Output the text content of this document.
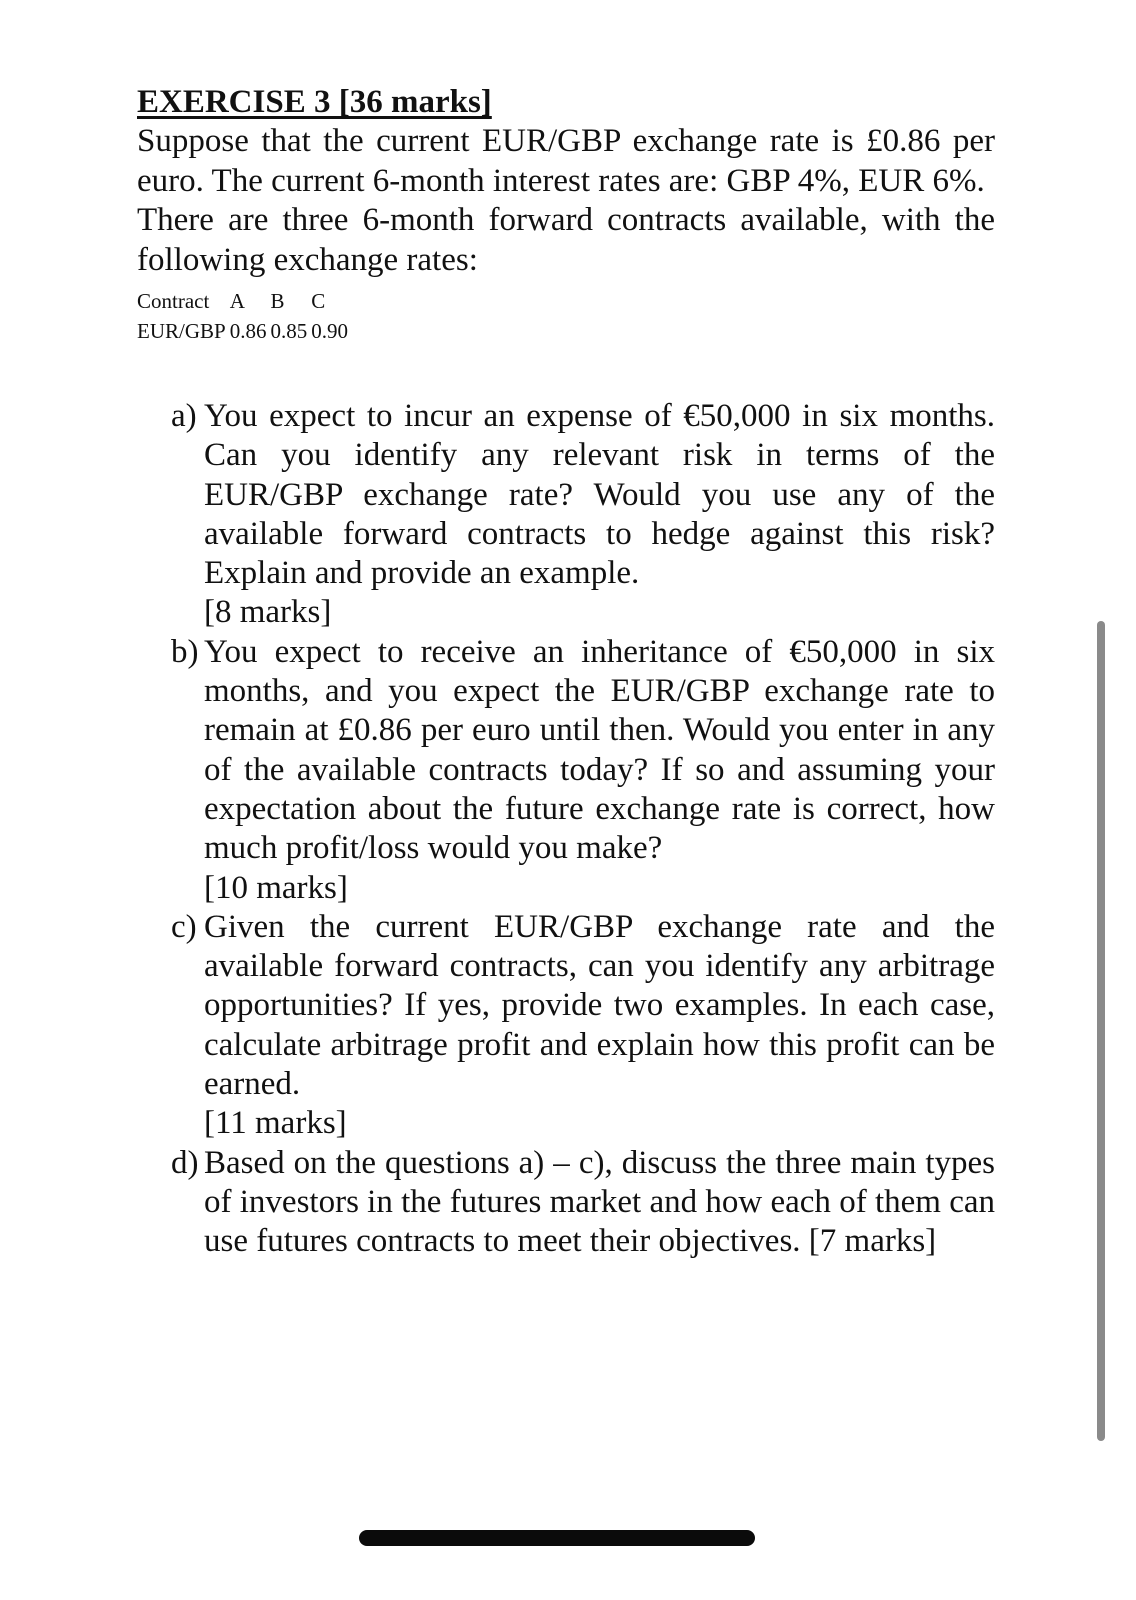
EXERCISE 3 [36 marks]

Suppose that the current EUR/GBP exchange rate is £0.86 per euro. The current 6-month interest rates are: GBP 4%, EUR 6%.

There are three 6-month forward contracts available, with the following exchange rates:

Contract	A	B	C
EUR/GBP	0.86	0.85	0.90
a) You expect to incur an expense of €50,000 in six months. Can you identify any relevant risk in terms of the EUR/GBP exchange rate? Would you use any of the available forward contracts to hedge against this risk? Explain and provide an example.
[8 marks]
b) You expect to receive an inheritance of €50,000 in six months, and you expect the EUR/GBP exchange rate to remain at £0.86 per euro until then. Would you enter in any of the available contracts today? If so and assuming your expectation about the future exchange rate is correct, how much profit/loss would you make?
[10 marks]
c) Given the current EUR/GBP exchange rate and the available forward contracts, can you identify any arbitrage opportunities? If yes, provide two examples. In each case, calculate arbitrage profit and explain how this profit can be earned.
[11 marks]
d) Based on the questions a) – c), discuss the three main types of investors in the futures market and how each of them can use futures contracts to meet their objectives. [7 marks]
